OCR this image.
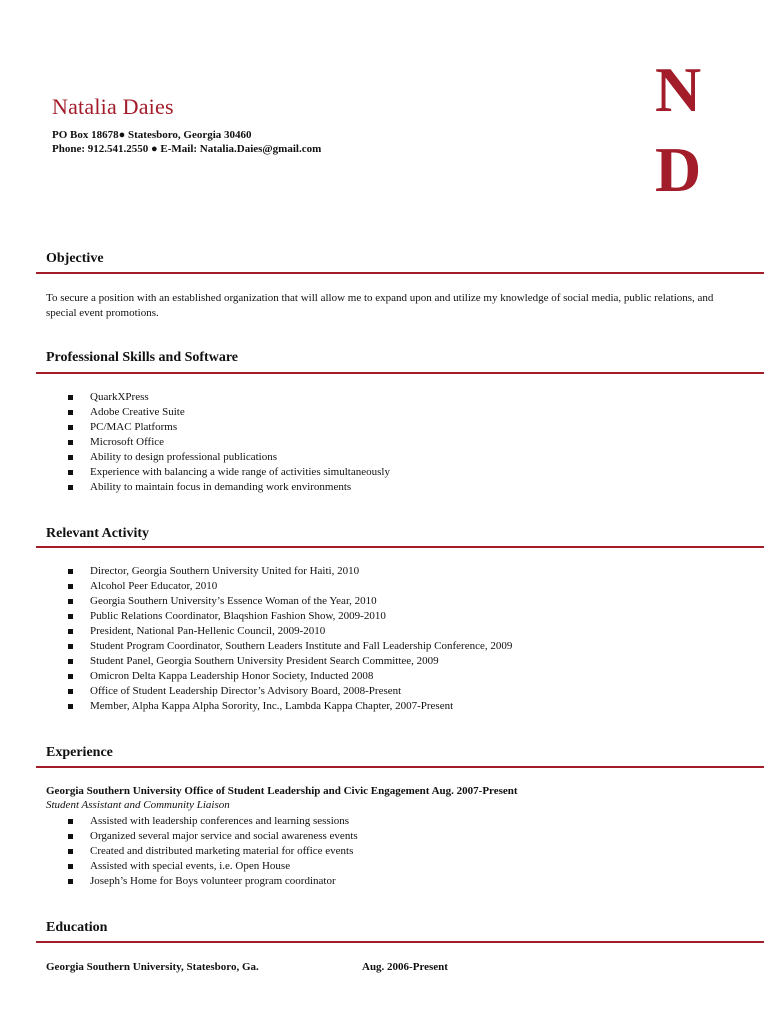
Natalia Daies
PO Box 18678● Statesboro, Georgia 30460
Phone: 912.541.2550 ● E-Mail: Natalia.Daies@gmail.com
N
D
Objective
To secure a position with an established organization that will allow me to expand upon and utilize my knowledge of social media, public relations, and special event promotions.
Professional Skills and Software
QuarkXPress
Adobe Creative Suite
PC/MAC Platforms
Microsoft Office
Ability to design professional publications
Experience with balancing a wide range of activities simultaneously
Ability to maintain focus in demanding work environments
Relevant Activity
Director, Georgia Southern University United for Haiti, 2010
Alcohol Peer Educator, 2010
Georgia Southern University’s Essence Woman of the Year, 2010
Public Relations Coordinator, Blaqshion Fashion Show, 2009-2010
President, National Pan-Hellenic Council, 2009-2010
Student Program Coordinator, Southern Leaders Institute and Fall Leadership Conference, 2009
Student Panel, Georgia Southern University President Search Committee, 2009
Omicron Delta Kappa Leadership Honor Society, Inducted 2008
Office of Student Leadership Director’s Advisory Board, 2008-Present
Member, Alpha Kappa Alpha Sorority, Inc., Lambda Kappa Chapter, 2007-Present
Experience
Georgia Southern University Office of Student Leadership and Civic Engagement Aug. 2007-Present
Student Assistant and Community Liaison
Assisted with leadership conferences and learning sessions
Organized several major service and social awareness events
Created and distributed marketing material for office events
Assisted with special events, i.e. Open House
Joseph’s Home for Boys volunteer program coordinator
Education
Georgia Southern University, Statesboro, Ga.	Aug. 2006-Present
